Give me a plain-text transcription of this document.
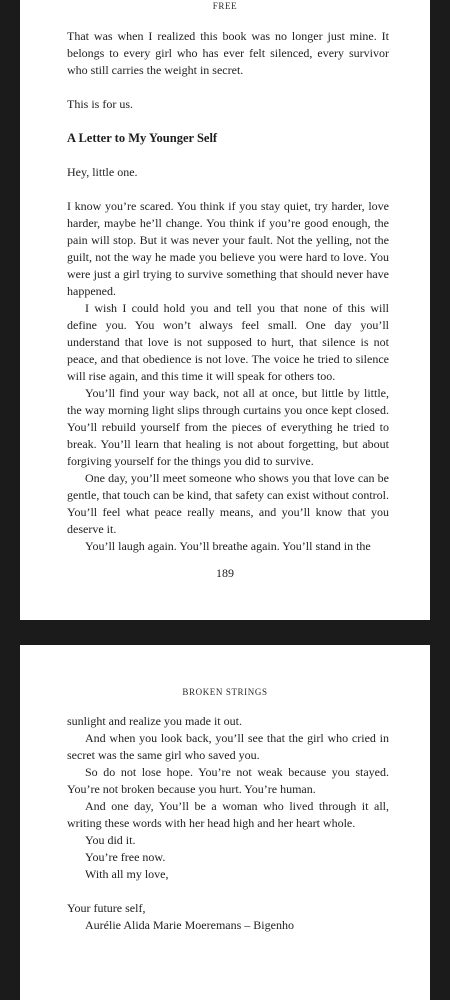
FREE

That was when I realized this book was no longer just mine. It belongs to every girl who has ever felt silenced, every survivor who still carries the weight in secret.

This is for us.

A Letter to My Younger Self

Hey, little one.

I know you’re scared. You think if you stay quiet, try harder, love harder, maybe he’ll change. You think if you’re good enough, the pain will stop. But it was never your fault. Not the yelling, not the guilt, not the way he made you believe you were hard to love. You were just a girl trying to survive something that should never have happened.

I wish I could hold you and tell you that none of this will define you. You won’t always feel small. One day you’ll understand that love is not supposed to hurt, that silence is not peace, and that obedience is not love. The voice he tried to silence will rise again, and this time it will speak for others too.

You’ll find your way back, not all at once, but little by little, the way morning light slips through curtains you once kept closed. You’ll rebuild yourself from the pieces of everything he tried to break. You’ll learn that healing is not about forgetting, but about forgiving yourself for the things you did to survive.

One day, you’ll meet someone who shows you that love can be gentle, that touch can be kind, that safety can exist without control. You’ll feel what peace really means, and you’ll know that you deserve it.

You’ll laugh again. You’ll breathe again. You’ll stand in the

189
BROKEN STRINGS

sunlight and realize you made it out.

And when you look back, you’ll see that the girl who cried in secret was the same girl who saved you.

So do not lose hope. You’re not weak because you stayed. You’re not broken because you hurt. You’re human.

And one day, You’ll be a woman who lived through it all, writing these words with her head high and her heart whole.

You did it.

You’re free now.

With all my love,

Your future self,

Aurélie Alida Marie Moeremans – Bigenho
